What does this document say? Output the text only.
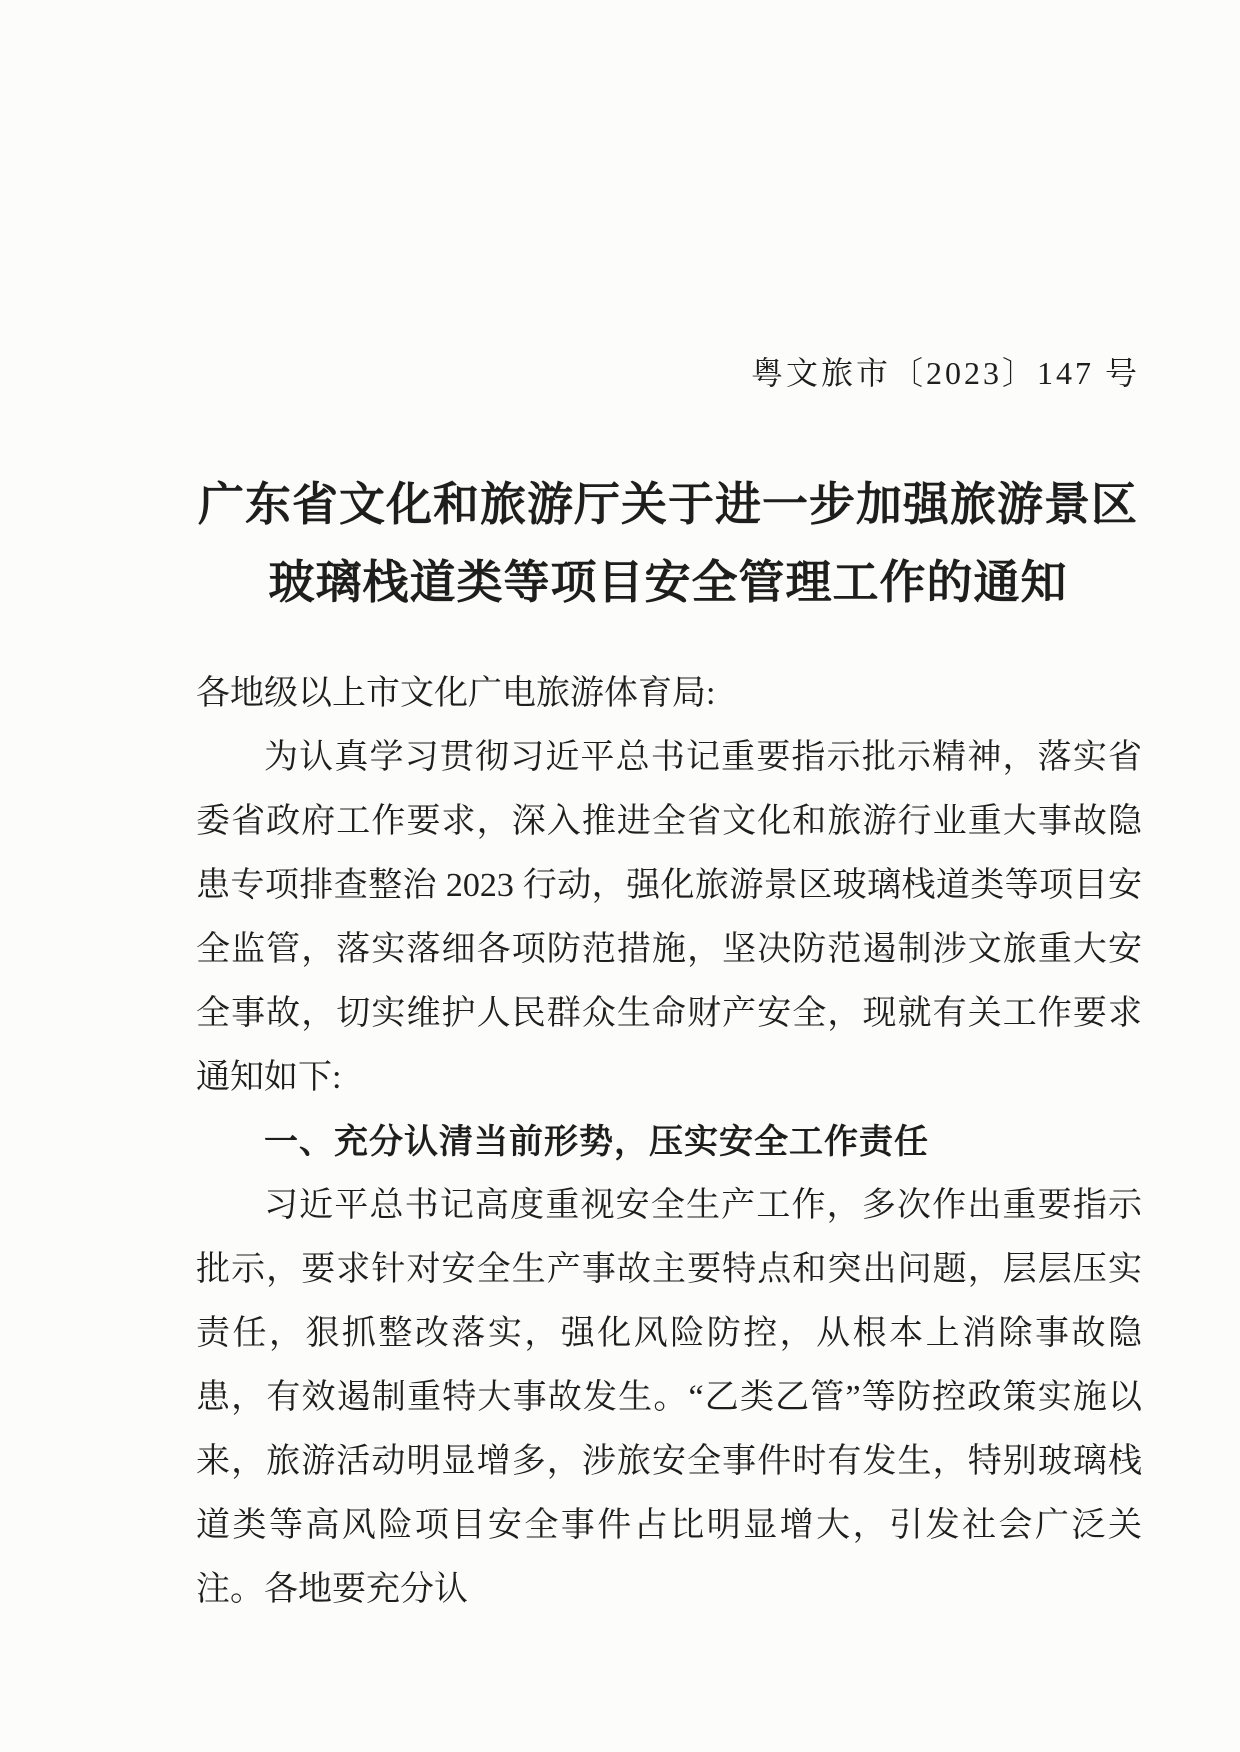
粤文旅市〔2023〕147 号
广东省文化和旅游厅关于进一步加强旅游景区
玻璃栈道类等项目安全管理工作的通知

各地级以上市文化广电旅游体育局:

为认真学习贯彻习近平总书记重要指示批示精神，落实省委省政府工作要求，深入推进全省文化和旅游行业重大事故隐患专项排查整治 2023 行动，强化旅游景区玻璃栈道类等项目安全监管，落实落细各项防范措施，坚决防范遏制涉文旅重大安全事故，切实维护人民群众生命财产安全，现就有关工作要求通知如下:

一、充分认清当前形势，压实安全工作责任

习近平总书记高度重视安全生产工作，多次作出重要指示批示，要求针对安全生产事故主要特点和突出问题，层层压实责任，狠抓整改落实，强化风险防控，从根本上消除事故隐患，有效遏制重特大事故发生。“乙类乙管”等防控政策实施以来，旅游活动明显增多，涉旅安全事件时有发生，特别玻璃栈道类等高风险项目安全事件占比明显增大，引发社会广泛关注。各地要充分认
